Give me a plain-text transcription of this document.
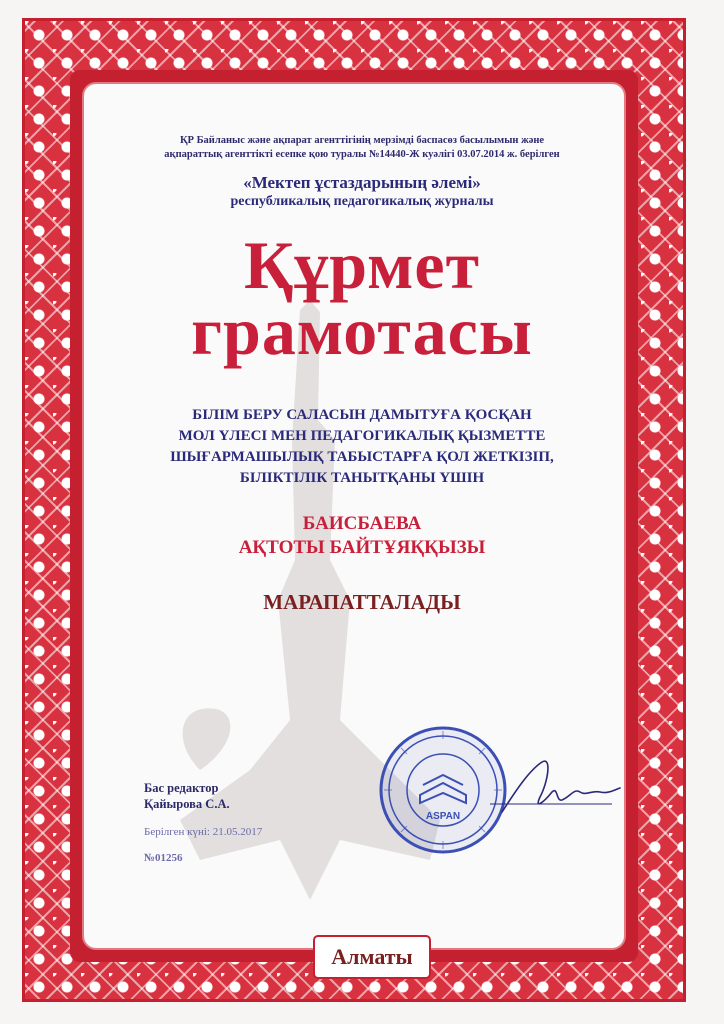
ҚР Байланыс және ақпарат агенттігінің мерзімді баспасөз басылымын және
ақпараттық агенттікті есепке қою туралы №14440-Ж куәлігі 03.07.2014 ж. берілген
«Мектеп ұстаздарының әлемі»
республикалық педагогикалық журналы
Құрмет
грамотасы
БІЛІМ БЕРУ САЛАСЫН ДАМЫТУҒА ҚОСҚАН
МОЛ ҮЛЕСІ МЕН ПЕДАГОГИКАЛЫҚ ҚЫЗМЕТТЕ
ШЫҒАРМАШЫЛЫҚ ТАБЫСТАРҒА ҚОЛ ЖЕТКІЗІП,
БІЛІКТІЛІК ТАНЫТҚАНЫ ҮШІН
БАИСБАЕВА
АҚТОТЫ БАЙТҰЯҚҚЫЗЫ
МАРАПАТТАЛАДЫ
Бас редактор
Қайырова С.А.
Берілген күні: 21.05.2017
№01256
ASPAN
Алматы
